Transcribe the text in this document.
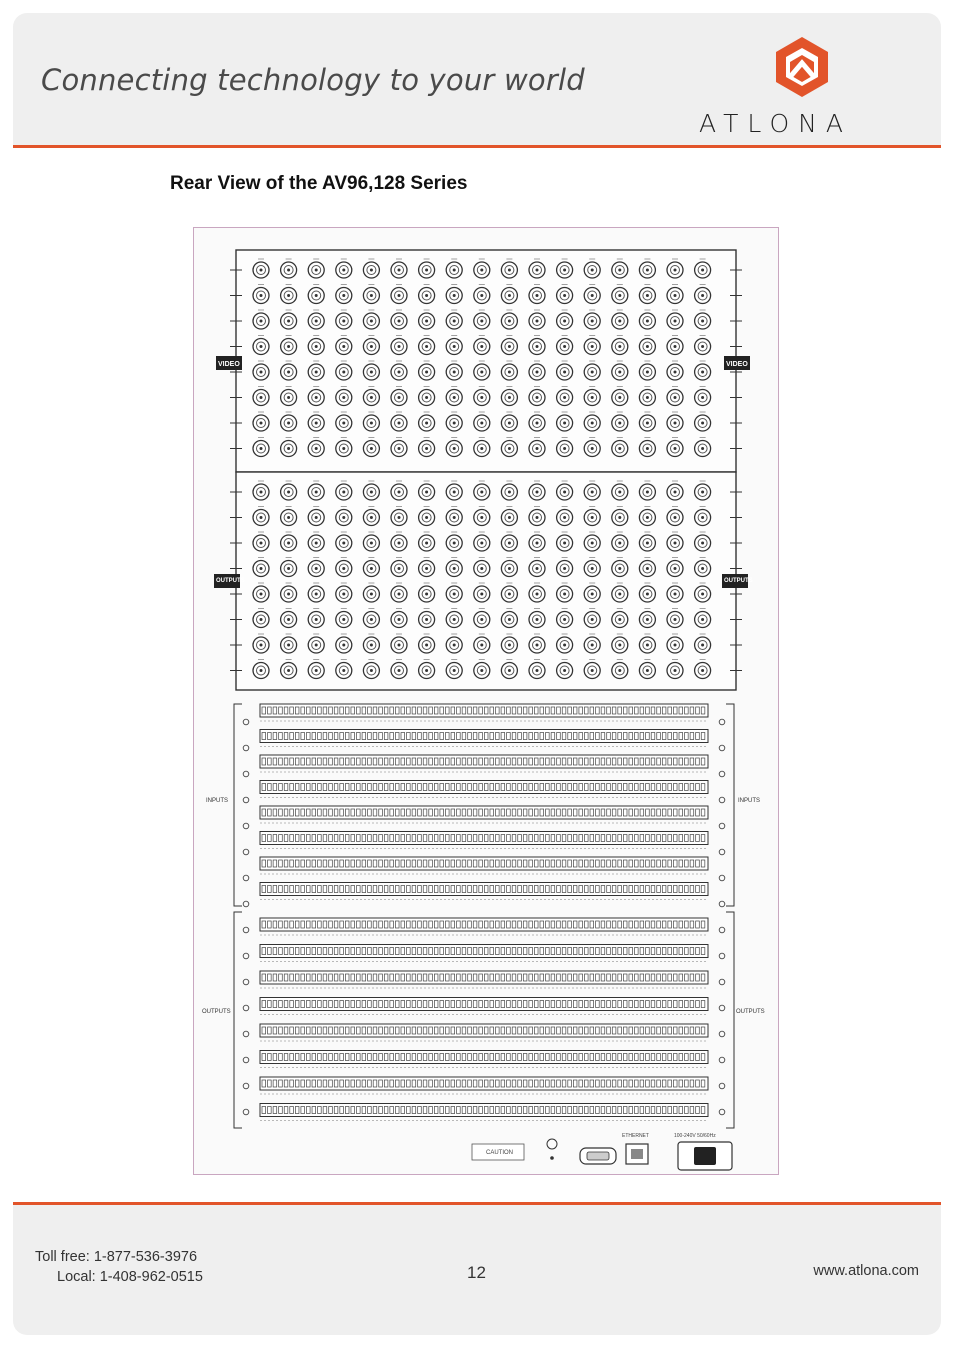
Connecting technology to your world
ATLONA
Rear View of the AV96,128 Series
VIDEO	VIDEO
OUTPUTS	OUTPUTS
INPUTS	INPUTS
OUTPUTS	OUTPUTS
CAUTION
ETHERNET	100-240V 50/60Hz
Toll free: 1-877-536-3976
Local: 1-408-962-0515	12	www.atlona.com
